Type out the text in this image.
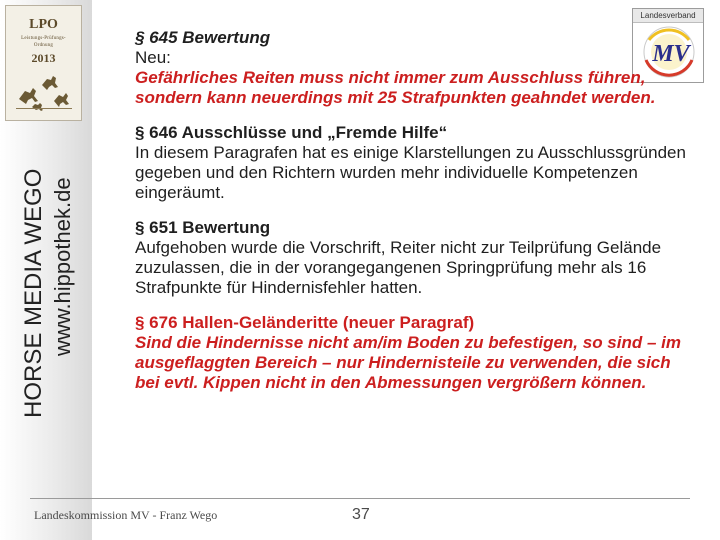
LPO
Leistungs-Prüfungs-
Ordnung
2013
HORSE MEDIA WEGO www.hippothek.de
Landesverband
MV

§ 645 Bewertung

Neu:

Gefährliches Reiten muss nicht immer zum Ausschluss führen, sondern kann neuerdings mit 25 Strafpunkten geahndet werden.

§ 646 Ausschlüsse und „Fremde Hilfe“

In diesem Paragrafen hat es einige Klarstellungen zu Ausschlussgründen gegeben und den Richtern wurden mehr individuelle Kompetenzen eingeräumt.

§ 651 Bewertung

Aufgehoben wurde die Vorschrift, Reiter nicht zur Teilprüfung Gelände zuzulassen, die in der vorangegangenen Springprüfung mehr als 16 Strafpunkte für Hindernisfehler hatten.

§ 676 Hallen-Geländeritte (neuer Paragraf)

Sind die Hindernisse nicht am/im Boden zu befestigen, so sind – im ausgeflaggten Bereich – nur Hindernisteile zu verwenden, die sich bei evtl. Kippen nicht in den Abmessungen vergrößern können.

Landeskommission MV - Franz Wego	37
